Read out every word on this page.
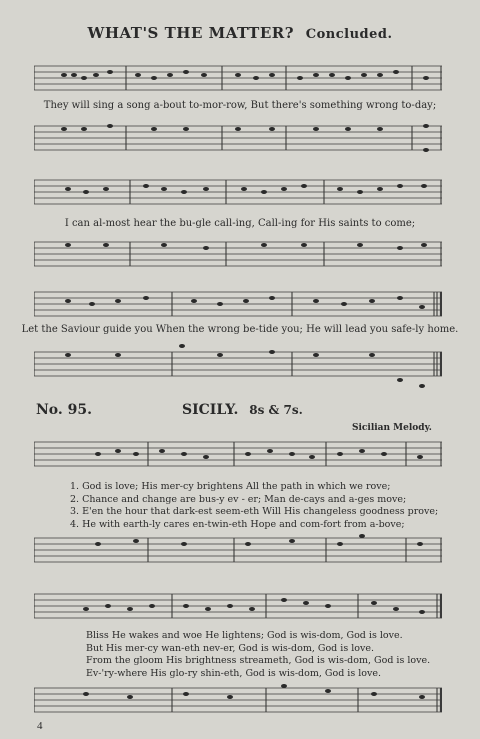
WHAT'S THE MATTER? Concluded.
They will sing a song a-bout to-mor-row, But there's something wrong to-day;
I can al-most hear the bu-gle call-ing, Call-ing for His saints to come;
Let the Saviour guide you When the wrong be-tide you; He will lead you safe-ly home.
No. 95.	SICILY. 8s & 7s.
Sicilian Melody.
1. God is love; His mer-cy brightens All the path in which we rove;
2. Chance and change are bus-y ev - er; Man de-cays and a-ges move;
3. E'en the hour that dark-est seem-eth Will His changeless goodness prove;
4. He with earth-ly cares en-twin-eth Hope and com-fort from a-bove;
Bliss He wakes and woe He lightens; God is wis-dom, God is love.
But His mer-cy wan-eth nev-er, God is wis-dom, God is love.
From the gloom His brightness streameth, God is wis-dom, God is love.
Ev-'ry-where His glo-ry shin-eth, God is wis-dom, God is love.
4
